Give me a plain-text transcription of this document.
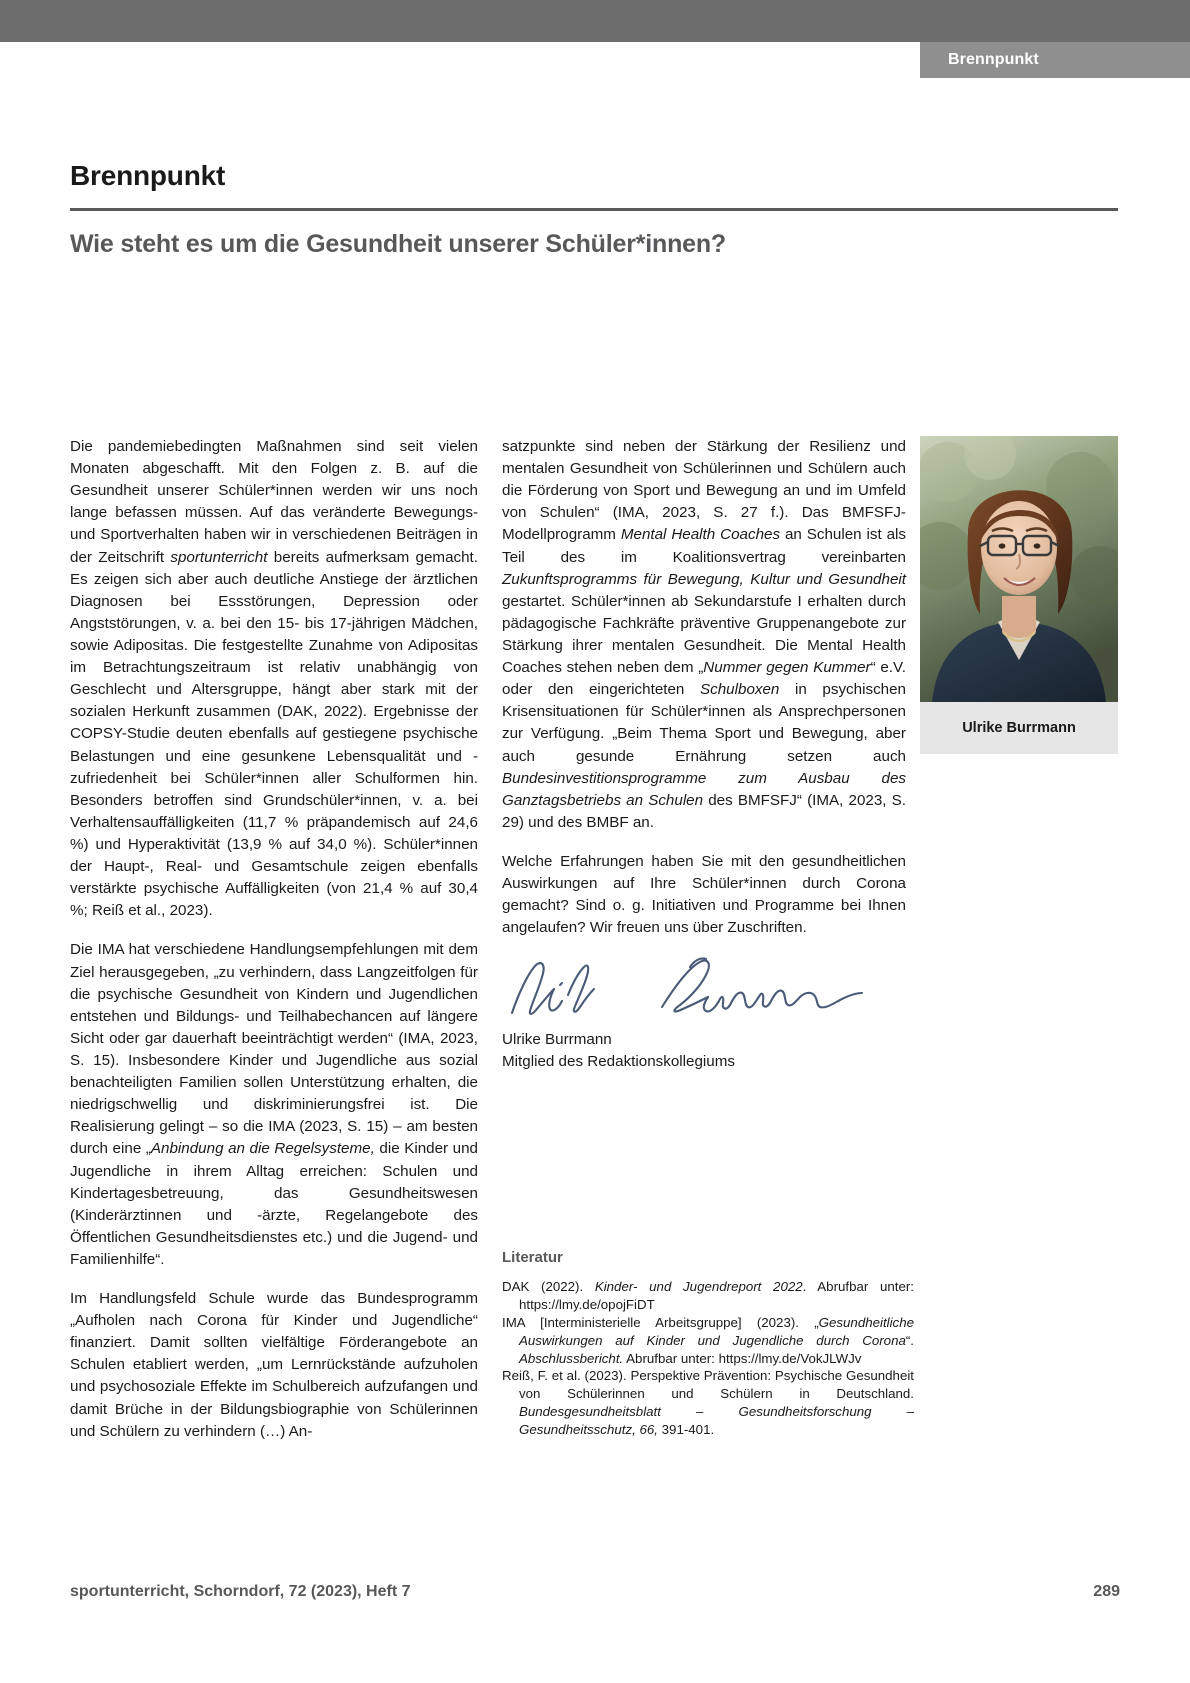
Brennpunkt
Brennpunkt
Wie steht es um die Gesundheit unserer Schüler*innen?

Die pandemiebedingten Maßnahmen sind seit vielen Monaten abgeschafft. Mit den Folgen z. B. auf die Gesundheit unserer Schüler*innen werden wir uns noch lange befassen müssen. Auf das veränderte Bewegungs- und Sportverhalten haben wir in verschiedenen Beiträgen in der Zeitschrift sportunterricht bereits aufmerksam gemacht. Es zeigen sich aber auch deutliche Anstiege der ärztlichen Diagnosen bei Essstörungen, Depression oder Angststörungen, v. a. bei den 15- bis 17-jährigen Mädchen, sowie Adipositas. Die festgestellte Zunahme von Adipositas im Betrachtungszeitraum ist relativ unabhängig von Geschlecht und Altersgruppe, hängt aber stark mit der sozialen Herkunft zusammen (DAK, 2022). Ergebnisse der COPSY-Studie deuten ebenfalls auf gestiegene psychische Belastungen und eine gesunkene Lebensqualität und -zufriedenheit bei Schüler*innen aller Schulformen hin. Besonders betroffen sind Grundschüler*innen, v. a. bei Verhaltensauffälligkeiten (11,7 % präpandemisch auf 24,6 %) und Hyperaktivität (13,9 % auf 34,0 %). Schüler*innen der Haupt-, Real- und Gesamtschule zeigen ebenfalls verstärkte psychische Auffälligkeiten (von 21,4 % auf 30,4 %; Reiß et al., 2023).

Die IMA hat verschiedene Handlungsempfehlungen mit dem Ziel herausgegeben, „zu verhindern, dass Langzeitfolgen für die psychische Gesundheit von Kindern und Jugendlichen entstehen und Bildungs- und Teilhabechancen auf längere Sicht oder gar dauerhaft beeinträchtigt werden“ (IMA, 2023, S. 15). Insbesondere Kinder und Jugendliche aus sozial benachteiligten Familien sollen Unterstützung erhalten, die niedrigschwellig und diskriminierungsfrei ist. Die Realisierung gelingt – so die IMA (2023, S. 15) – am besten durch eine „Anbindung an die Regelsysteme, die Kinder und Jugendliche in ihrem Alltag erreichen: Schulen und Kindertagesbetreuung, das Gesundheitswesen (Kinderärztinnen und -ärzte, Regelangebote des Öffentlichen Gesundheitsdienstes etc.) und die Jugend- und Familienhilfe“.

Im Handlungsfeld Schule wurde das Bundesprogramm „Aufholen nach Corona für Kinder und Jugendliche“ finanziert. Damit sollten vielfältige Förderangebote an Schulen etabliert werden, „um Lernrückstände aufzuholen und psychosoziale Effekte im Schulbereich aufzufangen und damit Brüche in der Bildungsbiographie von Schülerinnen und Schülern zu verhindern (…) An-

satzpunkte sind neben der Stärkung der Resilienz und mentalen Gesundheit von Schülerinnen und Schülern auch die Förderung von Sport und Bewegung an und im Umfeld von Schulen“ (IMA, 2023, S. 27 f.). Das BMFSFJ-Modellprogramm Mental Health Coaches an Schulen ist als Teil des im Koalitionsvertrag vereinbarten Zukunftsprogramms für Bewegung, Kultur und Gesundheit gestartet. Schüler*innen ab Sekundarstufe I erhalten durch pädagogische Fachkräfte präventive Gruppenangebote zur Stärkung ihrer mentalen Gesundheit. Die Mental Health Coaches stehen neben dem „Nummer gegen Kummer“ e.V. oder den eingerichteten Schulboxen in psychischen Krisensituationen für Schüler*innen als Ansprechpersonen zur Verfügung. „Beim Thema Sport und Bewegung, aber auch gesunde Ernährung setzen auch Bundesinvestitionsprogramme zum Ausbau des Ganztagsbetriebs an Schulen des BMFSFJ“ (IMA, 2023, S. 29) und des BMBF an.

Welche Erfahrungen haben Sie mit den gesundheitlichen Auswirkungen auf Ihre Schüler*innen durch Corona gemacht? Sind o. g. Initiativen und Programme bei Ihnen angelaufen? Wir freuen uns über Zuschriften.

Ulrike Burrmann
Ulrike Burrmann
Mitglied des Redaktionskollegiums
Literatur
DAK (2022). Kinder- und Jugendreport 2022. Abrufbar unter: https://lmy.de/opojFiDT
IMA [Interministerielle Arbeitsgruppe] (2023). „Gesundheitliche Auswirkungen auf Kinder und Jugendliche durch Corona“. Abschlussbericht. Abrufbar unter: https://lmy.de/VokJLWJv
Reiß, F. et al. (2023). Perspektive Prävention: Psychische Gesundheit von Schülerinnen und Schülern in Deutschland. Bundesgesundheitsblatt – Gesundheitsforschung – Gesundheitsschutz, 66, 391-401.
sportunterricht, Schorndorf, 72 (2023), Heft 7	289
